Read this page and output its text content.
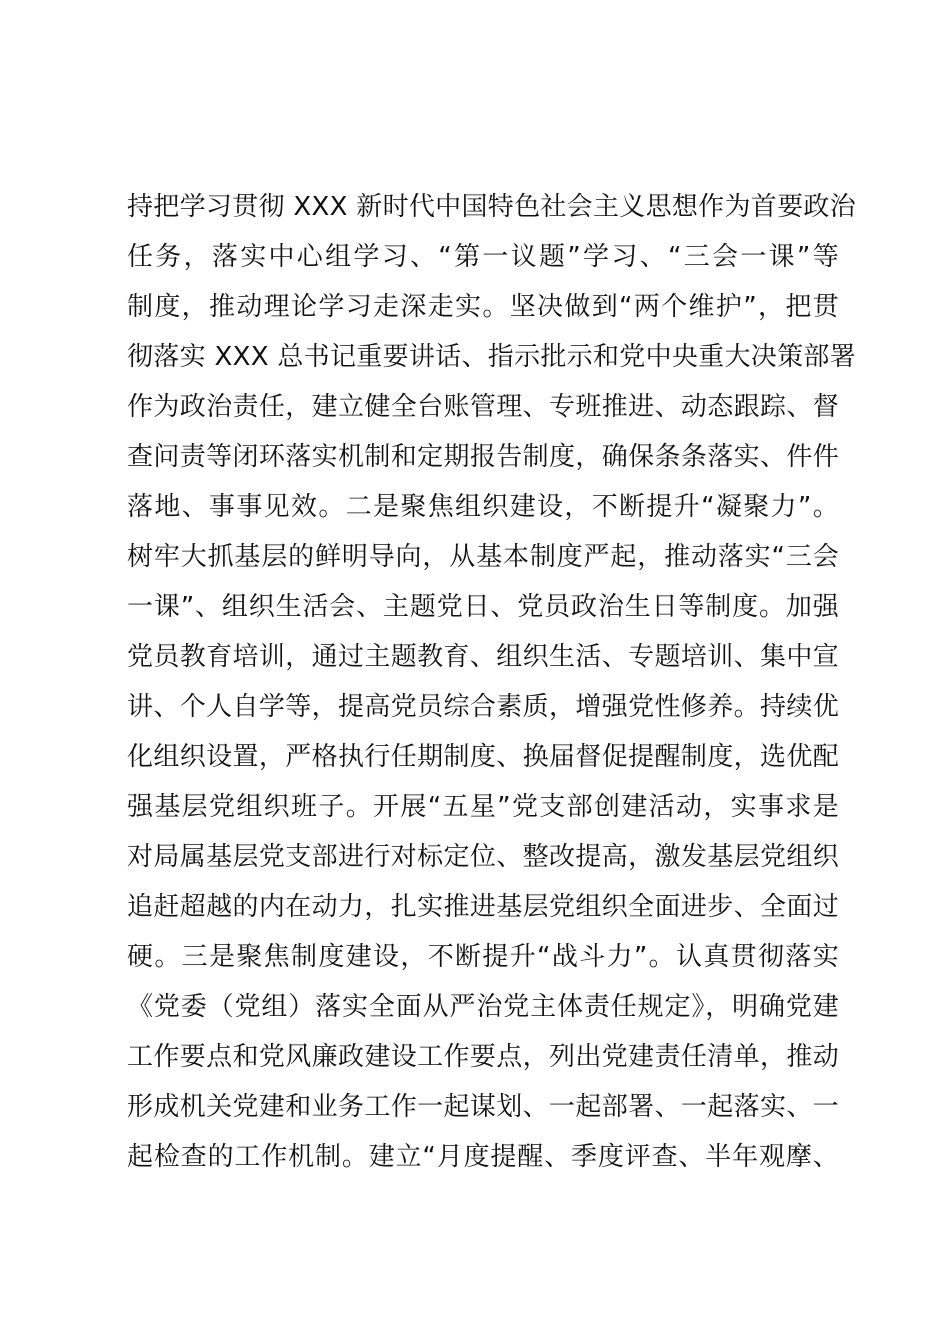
持把学习贯彻 XXX 新时代中国特色社会主义思想作为首要政治
任务，落实中心组学习、“第一议题”学习、“三会一课”等
制度，推动理论学习走深走实。坚决做到“两个维护”，把贯
彻落实 XXX 总书记重要讲话、指示批示和党中央重大决策部署
作为政治责任，建立健全台账管理、专班推进、动态跟踪、督
查问责等闭环落实机制和定期报告制度，确保条条落实、件件
落地、事事见效。二是聚焦组织建设，不断提升“凝聚力”。
树牢大抓基层的鲜明导向，从基本制度严起，推动落实“三会
一课”、组织生活会、主题党日、党员政治生日等制度。加强
党员教育培训，通过主题教育、组织生活、专题培训、集中宣
讲、个人自学等，提高党员综合素质，增强党性修养。持续优
化组织设置，严格执行任期制度、换届督促提醒制度，选优配
强基层党组织班子。开展“五星”党支部创建活动，实事求是
对局属基层党支部进行对标定位、整改提高，激发基层党组织
追赶超越的内在动力，扎实推进基层党组织全面进步、全面过
硬。三是聚焦制度建设，不断提升“战斗力”。认真贯彻落实
《党委（党组）落实全面从严治党主体责任规定》，明确党建
工作要点和党风廉政建设工作要点，列出党建责任清单，推动
形成机关党建和业务工作一起谋划、一起部署、一起落实、一
起检查的工作机制。建立“月度提醒、季度评查、半年观摩、
